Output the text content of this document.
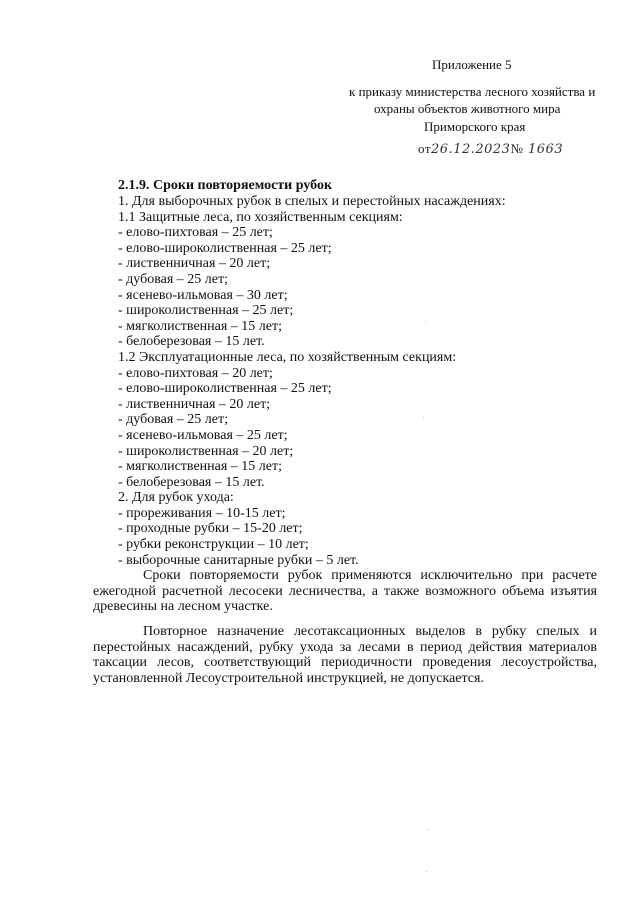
Приложение 5
к приказу министерства лесного хозяйства и
охраны объектов животного мира
Приморского края
от26.12.2023№ 1663

2.1.9. Сроки повторяемости рубок

1. Для выборочных рубок в спелых и перестойных насаждениях:

1.1 Защитные леса, по хозяйственным секциям:

- елово-пихтовая – 25 лет;

- елово-широколиственная – 25 лет;

- лиственничная – 20 лет;

- дубовая – 25 лет;

- ясенево-ильмовая – 30 лет;

- широколиственная – 25 лет;

- мягколиственная – 15 лет;

- белоберезовая – 15 лет.

1.2 Эксплуатационные леса, по хозяйственным секциям:

- елово-пихтовая – 20 лет;

- елово-широколиственная – 25 лет;

- лиственничная – 20 лет;

- дубовая – 25 лет;

- ясенево-ильмовая – 25 лет;

- широколиственная – 20 лет;

- мягколиственная – 15 лет;

- белоберезовая – 15 лет.

2. Для рубок ухода:

- прореживания – 10-15 лет;

- проходные рубки – 15-20 лет;

- рубки реконструкции – 10 лет;

- выборочные санитарные рубки – 5 лет.

Сроки повторяемости рубок применяются исключительно при расчете ежегодной расчетной лесосеки лесничества, а также возможного объема изъятия древесины на лесном участке.

Повторное назначение лесотаксационных выделов в рубку спелых и перестойных насаждений, рубку ухода за лесами в период действия материалов таксации лесов, соответствующий периодичности проведения лесоустройства, установленной Лесоустроительной инструкцией, не допускается.
